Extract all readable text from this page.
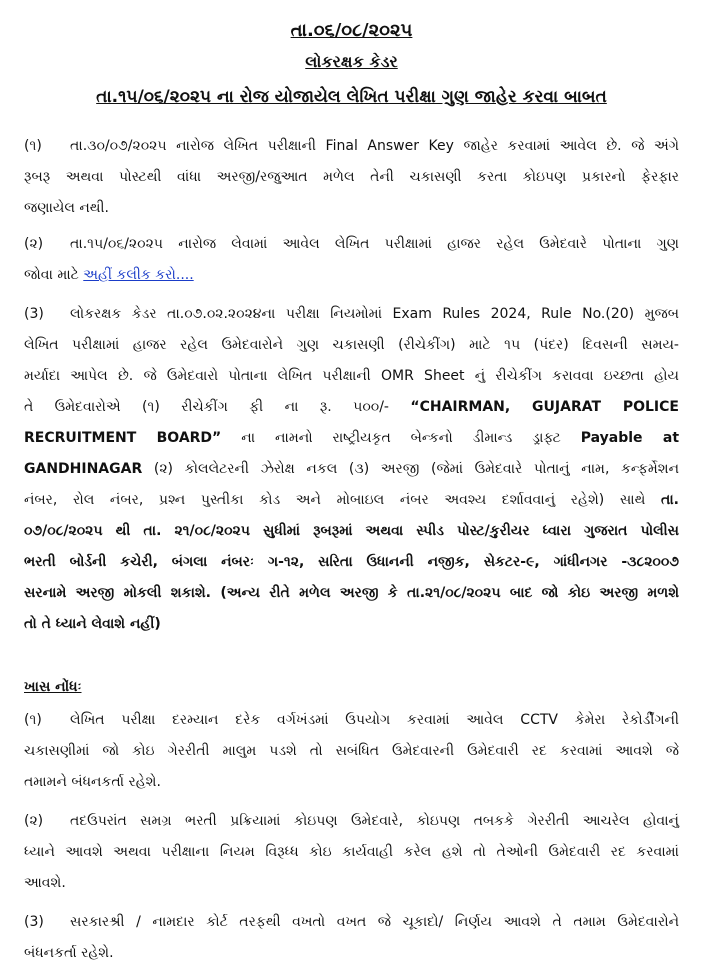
તા.૦૬/૦૮/૨૦૨૫
લોકરક્ષક કેડર
તા.૧૫/૦૬/૨૦૨૫ ના રોજ યોજાયેલ લેખિત પરીક્ષા ગુણ જાહેર કરવા બાબત
(૧) તા.૩૦/૦૭/૨૦૨૫ નારોજ લેખિત પરીક્ષાની Final Answer Key જાહેર કરવામાં આવેલ છે. જે અંગે
રૂબરૂ અથવા પોસ્ટથી વાંધા અરજી/રજુઆત મળેલ તેની ચકાસણી કરતા કોઇપણ પ્રકારનો ફેરફાર
જણાયેલ નથી.
(૨) તા.૧૫/૦૬/૨૦૨૫ નારોજ લેવામાં આવેલ લેખિત પરીક્ષામાં હાજર રહેલ ઉમેદવારે પોતાના ગુણ
જોવા માટે અહીં કલીક કરો....
(3) લોકરક્ષક કેડર તા.૦૭.૦૨.૨૦૨૪ના પરીક્ષા નિયમોમાં Exam Rules 2024, Rule No.(20) મુજબ
લેખિત પરીક્ષામાં હાજર રહેલ ઉમેદવારોને ગુણ ચકાસણી (રીચેકીંગ) માટે ૧૫ (પંદર) દિવસની સમય-
મર્યાદા આપેલ છે. જે ઉમેદવારો પોતાના લેખિત પરીક્ષાની OMR Sheet નું રીચેકીંગ કરાવવા ઇચ્છતા હોય
તે ઉમેદવારોએ (૧) રીચેકીંગ ફી ના રૂ. ૫૦૦/- “CHAIRMAN, GUJARAT POLICE
RECRUITMENT BOARD” ના નામનો રાષ્ટ્રીયકૃત બેન્કનો ડીમાન્ડ ડ્રાફ્ટ Payable at
GANDHINAGAR (૨) કોલલેટરની ઝેરોક્ષ નકલ (૩) અરજી (જેમાં ઉમેદવારે પોતાનું નામ, કન્ફર્મેશન
નંબર, રોલ નંબર, પ્રશ્ન પુસ્તીકા કોડ અને મોબાઇલ નંબર અવશ્ય દર્શાવવાનું રહેશે) સાથે તા.
૦૭/૦૮/૨૦૨૫ થી તા. ૨૧/૦૮/૨૦૨૫ સુધીમાં રૂબરૂમાં અથવા સ્પીડ પોસ્ટ/કુરીયર ધ્વારા ગુજરાત પોલીસ
ભરતી બોર્ડની કચેરી, બંગલા નંબરઃ ગ-૧૨, સરિતા ઉધાનની નજીક, સેકટર-૯, ગાંધીનગર -૩૮૨૦૦૭
સરનામે અરજી મોકલી શકાશે. (અન્ય રીતે મળેલ અરજી કે તા.૨૧/૦૮/૨૦૨૫ બાદ જો કોઇ અરજી મળશે
તો તે ધ્યાને લેવાશે નહીં)
ખાસ નોંધઃ
(૧) લેખિત પરીક્ષા દરમ્યાન દરેક વર્ગખંડમાં ઉપયોગ કરવામાં આવેલ CCTV કેમેરા રેકોર્ડીંગની
ચકાસણીમાં જો કોઇ ગેરરીતી માલુમ પડશે તો સબંધિત ઉમેદવારની ઉમેદવારી રદ કરવામાં આવશે જે
તમામને બંધનકર્તા રહેશે.
(૨) તદઉપરાંત સમગ્ર ભરતી પ્રક્રિયામાં કોઇપણ ઉમેદવારે, કોઇપણ તબકકે ગેરરીતી આચરેલ હોવાનું
ધ્યાને આવશે અથવા પરીક્ષાના નિયમ વિરૂધ્ધ કોઇ કાર્યવાહી કરેલ હશે તો તેઓની ઉમેદવારી રદ કરવામાં
આવશે.
(3) સરકારશ્રી / નામદાર કોર્ટ તરફથી વખતો વખત જે ચૂકાદો/ નિર્ણય આવશે તે તમામ ઉમેદવારોને
બંધનકર્તા રહેશે.
